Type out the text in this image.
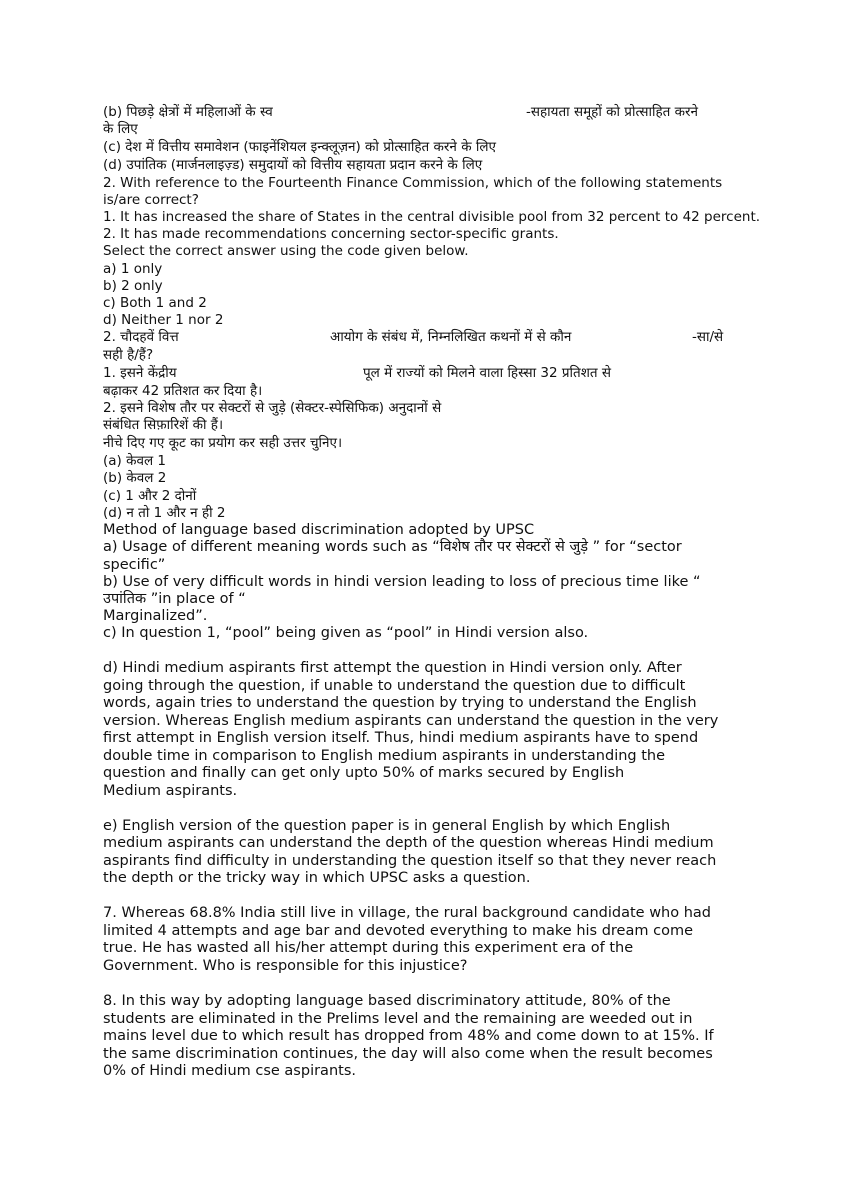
(b) पिछड़े क्षेत्रों में महिलाओं के स्व	-सहायता समूहों को प्रोत्साहित करने
के लिए
(c) देश में वित्तीय समावेशन (फाइनेंशियल इन्क्लूज़न) को प्रोत्साहित करने के लिए
(d) उपांतिक (मार्जनलाइज़्ड) समुदायों को वित्तीय सहायता प्रदान करने के लिए
2. With reference to the Fourteenth Finance Commission, which of the following statements
is/are correct?
1. It has increased the share of States in the central divisible pool from 32 percent to 42 percent.
2. It has made recommendations concerning sector-specific grants.
Select the correct answer using the code given below.
a) 1 only
b) 2 only
c) Both 1 and 2
d) Neither 1 nor 2
2. चौदहवें वित्त	आयोग के संबंध में, निम्नलिखित कथनों में से कौन	-सा/से
सही है/हैं?
1. इसने केंद्रीय	पूल में राज्यों को मिलने वाला हिस्सा 32 प्रतिशत से
बढ़ाकर 42 प्रतिशत कर दिया है।
2. इसने विशेष तौर पर सेक्टरों से जुड़े (सेक्टर-स्पेसिफिक) अनुदानों से
संबंधित सिफ़ारिशें की हैं।
नीचे दिए गए कूट का प्रयोग कर सही उत्तर चुनिए।
(a) केवल 1
(b) केवल 2
(c) 1 और 2 दोनों
(d) न तो 1 और न ही 2
Method of language based discrimination adopted by UPSC
a) Usage of different meaning words such as “विशेष तौर पर सेक्टरों से जुड़े ” for “sector
specific”
b) Use of very difficult words in hindi version leading to loss of precious time like “
उपांतिक ”in place of “
Marginalized”.
c) In question 1, “pool” being given as “pool” in Hindi version also.
d) Hindi medium aspirants first attempt the question in Hindi version only. After
going through the question, if unable to understand the question due to difficult
words, again tries to understand the question by trying to understand the English
version. Whereas English medium aspirants can understand the question in the very
first attempt in English version itself. Thus, hindi medium aspirants have to spend
double time in comparison to English medium aspirants in understanding the
question and finally can get only upto 50% of marks secured by English
Medium aspirants.
e) English version of the question paper is in general English by which English
medium aspirants can understand the depth of the question whereas Hindi medium
aspirants find difficulty in understanding the question itself so that they never reach
the depth or the tricky way in which UPSC asks a question.
7. Whereas 68.8% India still live in village, the rural background candidate who had
limited 4 attempts and age bar and devoted everything to make his dream come
true. He has wasted all his/her attempt during this experiment era of the
Government. Who is responsible for this injustice?
8. In this way by adopting language based discriminatory attitude, 80% of the
students are eliminated in the Prelims level and the remaining are weeded out in
mains level due to which result has dropped from 48% and come down to at 15%. If
the same discrimination continues, the day will also come when the result becomes
0% of Hindi medium cse aspirants.
